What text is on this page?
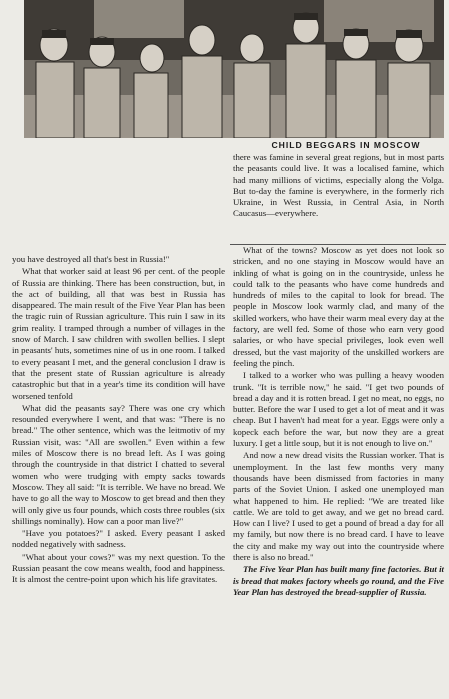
CHILD BEGGARS IN MOSCOW

there was famine in several great regions, but in most parts the peasants could live. It was a localised famine, which had many millions of victims, especially along the Volga. But to-day the famine is everywhere, in the formerly rich Ukraine, in West Russia, in Central Asia, in North Caucasus—everywhere.

you have destroyed all that's best in Russia!"

What that worker said at least 96 per cent. of the people of Russia are thinking. There has been construction, but, in the act of building, all that was best in Russia has disappeared. The main result of the Five Year Plan has been the tragic ruin of Russian agriculture. This ruin I saw in its grim reality. I tramped through a number of villages in the snow of March. I saw children with swollen bellies. I slept in peasants' huts, sometimes nine of us in one room. I talked to every peasant I met, and the general conclusion I draw is that the present state of Russian agriculture is already catastrophic but that in a year's time its condition will have worsened tenfold

What did the peasants say? There was one cry which resounded everywhere I went, and that was: "There is no bread." The other sentence, which was the leitmotiv of my Russian visit, was: "All are swollen." Even within a few miles of Moscow there is no bread left. As I was going through the countryside in that district I chatted to several women who were trudging with empty sacks towards Moscow. They all said: "It is terrible. We have no bread. We have to go all the way to Moscow to get bread and then they will only give us four pounds, which costs three roubles (six shillings nominally). How can a poor man live?"

"Have you potatoes?" I asked. Every peasant I asked nodded negatively with sadness.

"What about your cows?" was my next question. To the Russian peasant the cow means wealth, food and happiness. It is almost the centre-point upon which his life gravitates.

What of the towns? Moscow as yet does not look so stricken, and no one staying in Moscow would have an inkling of what is going on in the countryside, unless he could talk to the peasants who have come hundreds and hundreds of miles to the capital to look for bread. The people in Moscow look warmly clad, and many of the skilled workers, who have their warm meal every day at the factory, are well fed. Some of those who earn very good salaries, or who have special privileges, look even well dressed, but the vast majority of the unskilled workers are feeling the pinch.

I talked to a worker who was pulling a heavy wooden trunk. "It is terrible now," he said. "I get two pounds of bread a day and it is rotten bread. I get no meat, no eggs, no butter. Before the war I used to get a lot of meat and it was cheap. But I haven't had meat for a year. Eggs were only a kopeck each before the war, but now they are a great luxury. I get a little soup, but it is not enough to live on."

And now a new dread visits the Russian worker. That is unemployment. In the last few months very many thousands have been dismissed from factories in many parts of the Soviet Union. I asked one unemployed man what happened to him. He replied: "We are treated like cattle. We are told to get away, and we get no bread card. How can I live? I used to get a pound of bread a day for all my family, but now there is no bread card. I have to leave the city and make my way out into the countryside where there is also no bread."

The Five Year Plan has built many fine factories. But it is bread that makes factory wheels go round, and the Five Year Plan has destroyed the bread-supplier of Russia.
